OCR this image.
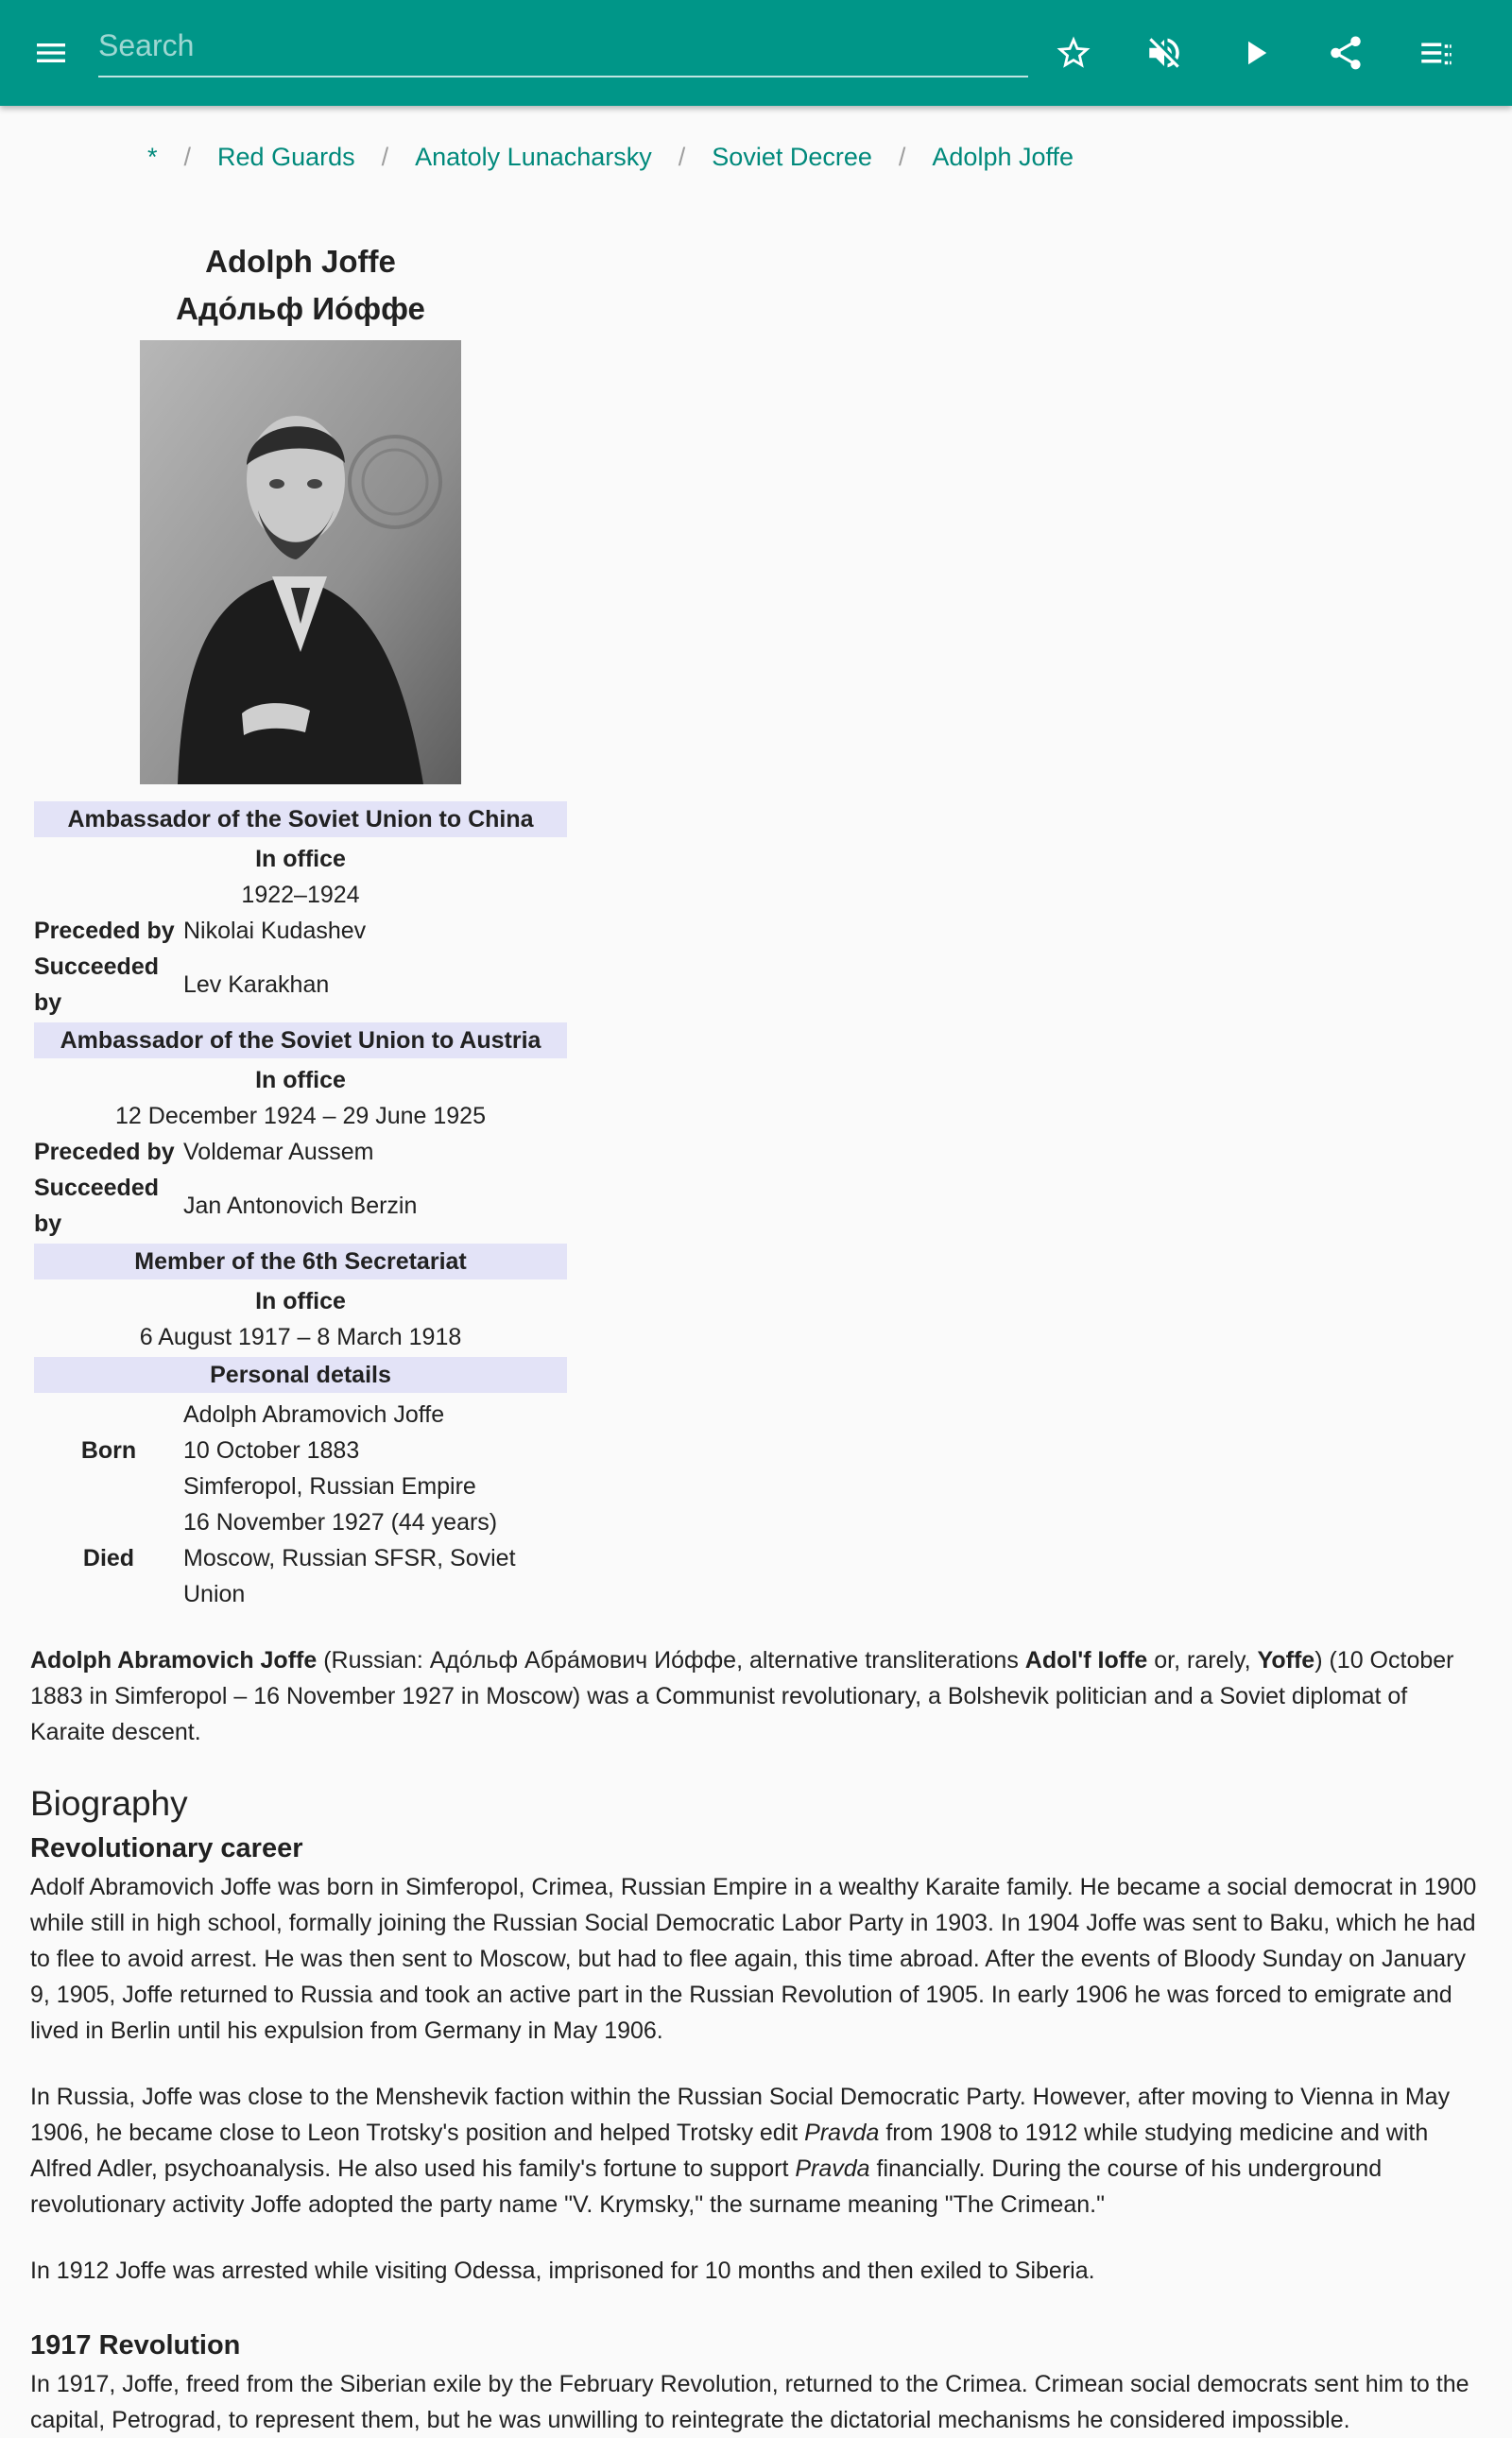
Search
* / Red Guards / Anatoly Lunacharsky / Soviet Decree / Adolph Joffe
Adolph Joffe
Адо́льф Ио́ффе
Ambassador of the Soviet Union to China
In office
1922–1924
Preceded by Nikolai Kudashev
Succeeded by
Lev Karakhan
Ambassador of the Soviet Union to Austria
In office
12 December 1924 – 29 June 1925
Preceded by Voldemar Aussem
Succeeded by
Jan Antonovich Berzin
Member of the 6th Secretariat
In office
6 August 1917 – 8 March 1918
Personal details
Born
Adolph Abramovich Joffe
10 October 1883
Simferopol, Russian Empire
Died
16 November 1927 (44 years)
Moscow, Russian SFSR, Soviet Union

Adolph Abramovich Joffe (Russian: Адо́льф Абра́мович Ио́ффе, alternative transliterations Adol'f Ioffe or, rarely, Yoffe) (10 October 1883 in Simferopol – 16 November 1927 in Moscow) was a Communist revolutionary, a Bolshevik politician and a Soviet diplomat of Karaite descent.

Biography
Revolutionary career

Adolf Abramovich Joffe was born in Simferopol, Crimea, Russian Empire in a wealthy Karaite family. He became a social democrat in 1900 while still in high school, formally joining the Russian Social Democratic Labor Party in 1903. In 1904 Joffe was sent to Baku, which he had to flee to avoid arrest. He was then sent to Moscow, but had to flee again, this time abroad. After the events of Bloody Sunday on January 9, 1905, Joffe returned to Russia and took an active part in the Russian Revolution of 1905. In early 1906 he was forced to emigrate and lived in Berlin until his expulsion from Germany in May 1906.

In Russia, Joffe was close to the Menshevik faction within the Russian Social Democratic Party. However, after moving to Vienna in May 1906, he became close to Leon Trotsky's position and helped Trotsky edit Pravda from 1908 to 1912 while studying medicine and with Alfred Adler, psychoanalysis. He also used his family's fortune to support Pravda financially. During the course of his underground revolutionary activity Joffe adopted the party name "V. Krymsky," the surname meaning "The Crimean."

In 1912 Joffe was arrested while visiting Odessa, imprisoned for 10 months and then exiled to Siberia.

1917 Revolution

In 1917, Joffe, freed from the Siberian exile by the February Revolution, returned to the Crimea. Crimean social democrats sent him to the capital, Petrograd, to represent them, but he was unwilling to reintegrate the dictatorial mechanisms he considered impossible.
